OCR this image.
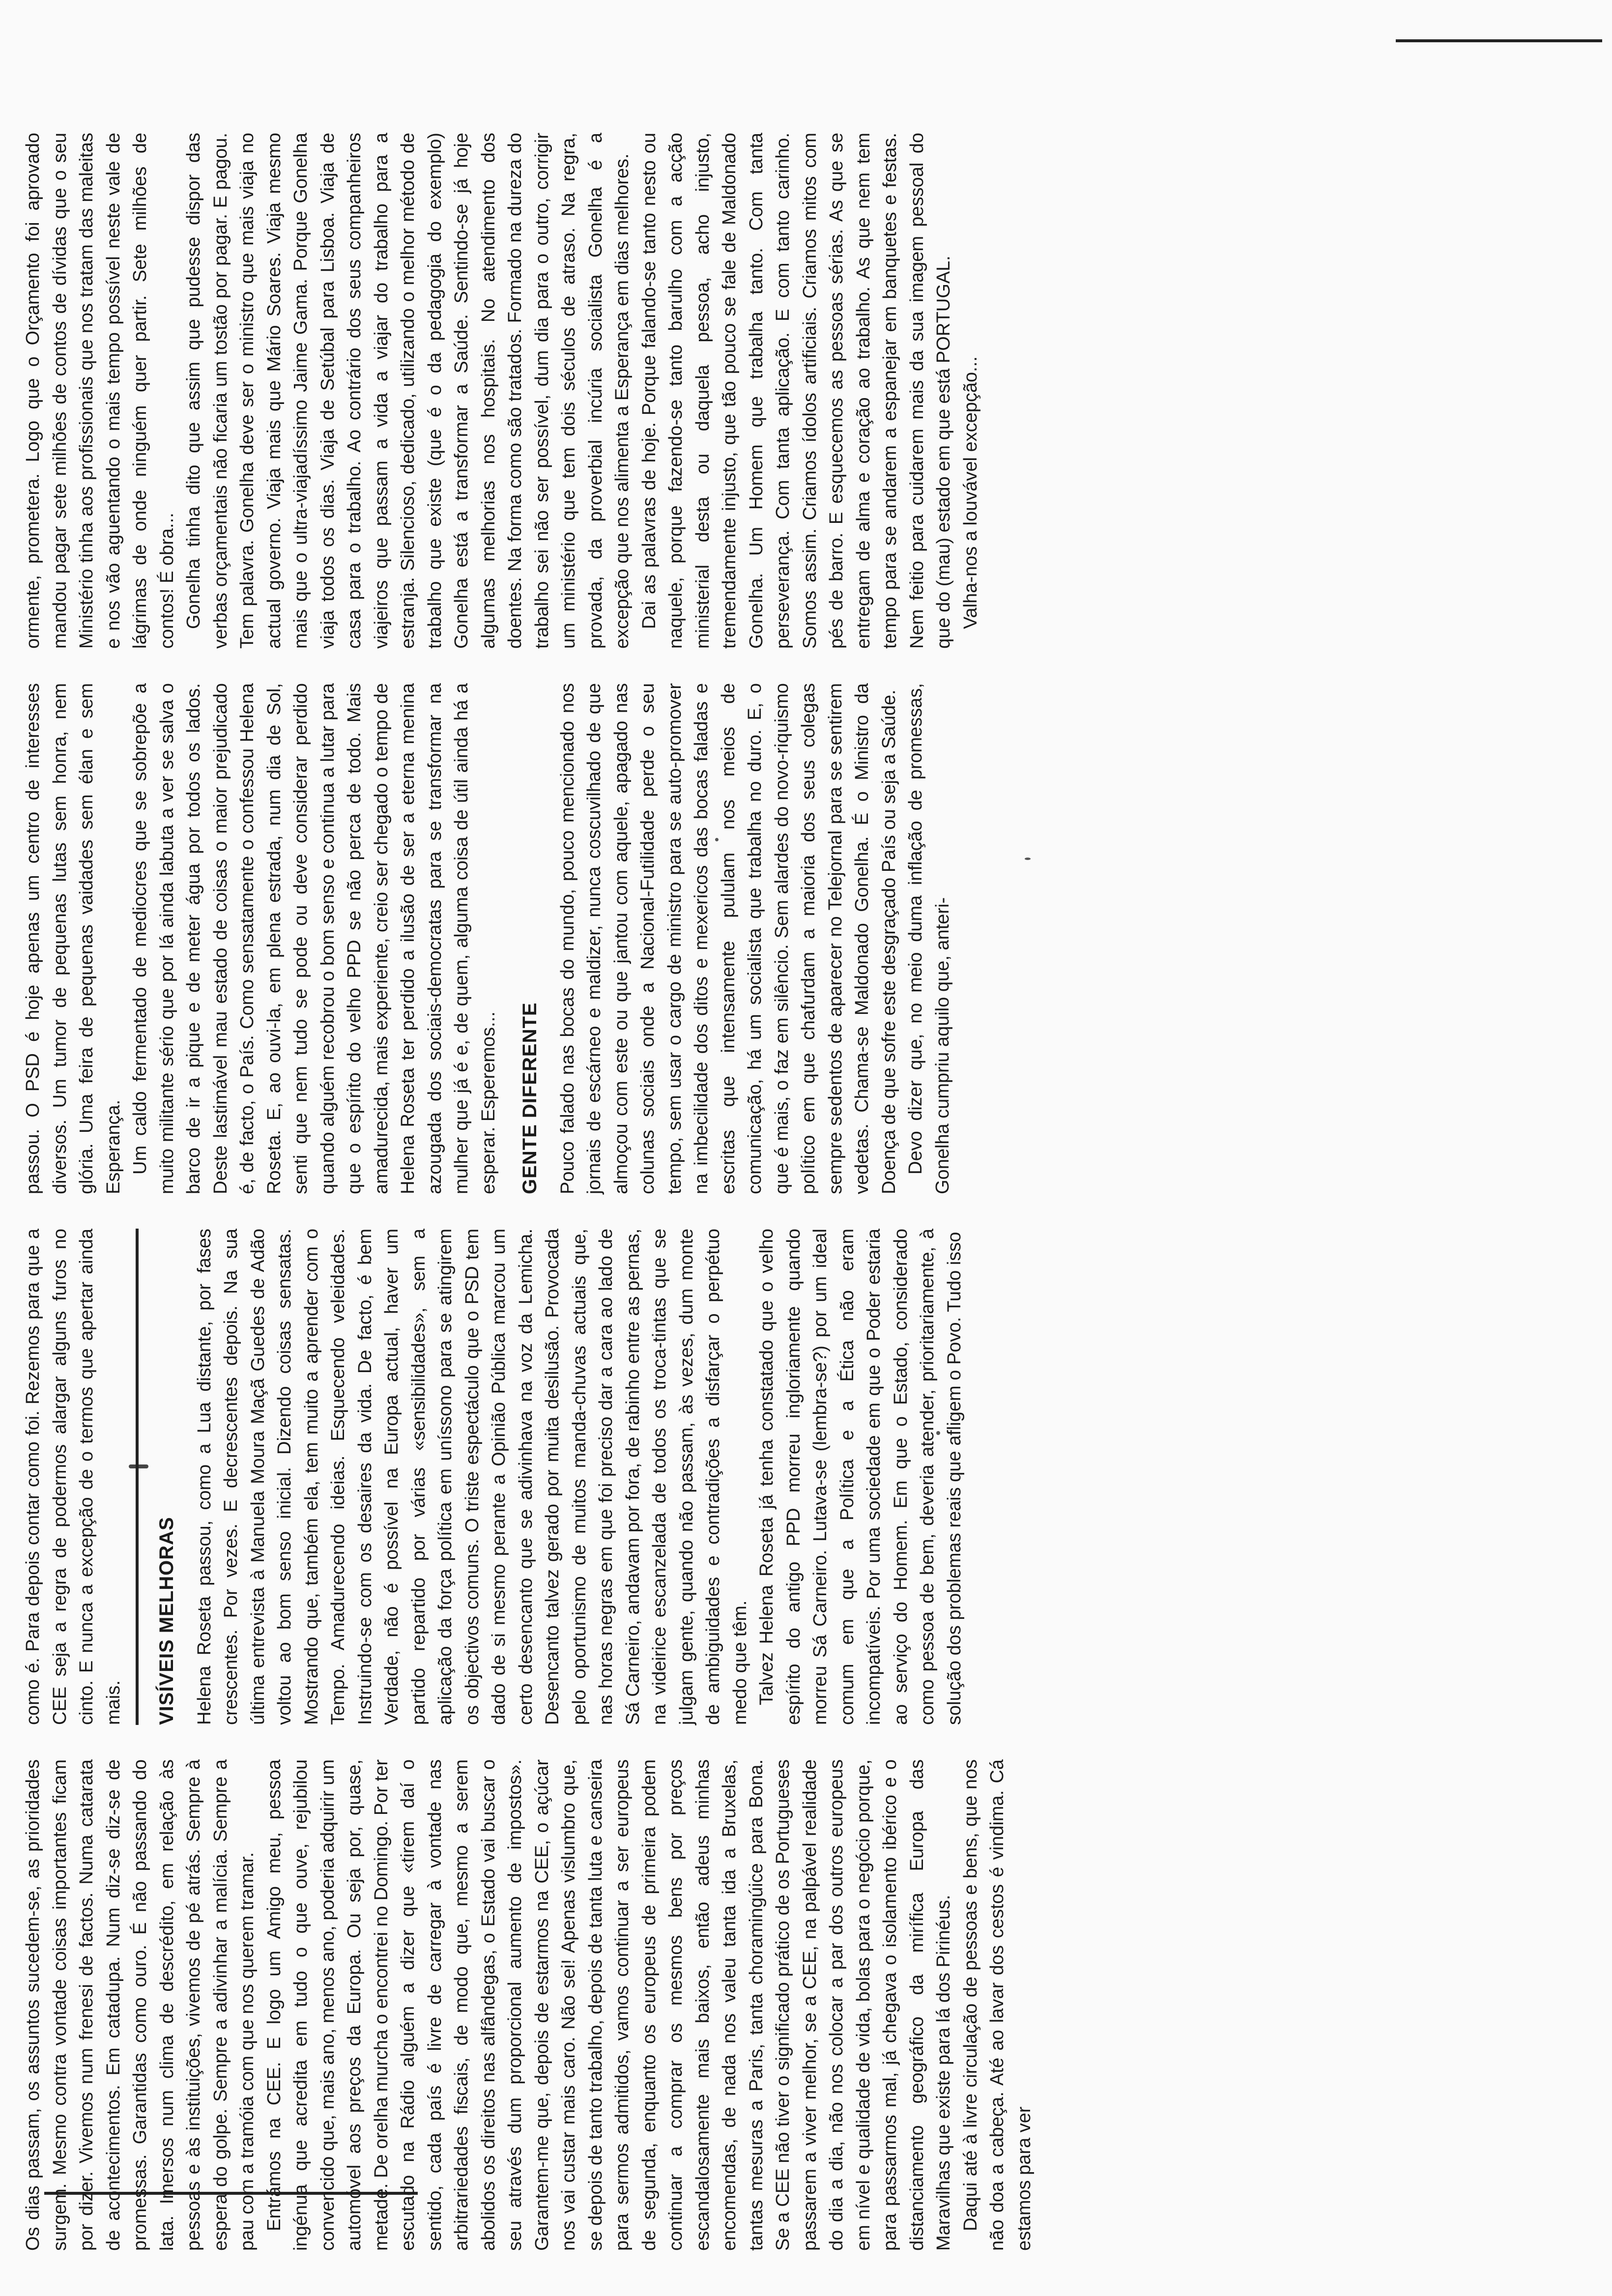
Os dias passam, os assuntos sucedem-se, as prioridades surgem. Mesmo contra vontade coisas importantes ficam por dizer. Vivemos num frenesi de factos. Numa catarata de acontecimentos. Em catadupa. Num diz-se diz-se de promessas. Garantidas como ouro. É não passando do lata. Imersos num clima de descrédito, em relação às pessoas e às instituições, vivemos de pé atrás. Sempre à espera do golpe. Sempre a adivinhar a malícia. Sempre a pau com a tramóia com que nos querem tramar. Entrámos na CEE. E logo um Amigo meu, pessoa ingénua que acredita em tudo o que ouve, rejubilou convencido que, mais ano, menos ano, poderia adquirir um automóvel aos preços da Europa. Ou seja por, quase, metade. De orelha murcha o encontrei no Domingo. Por ter escutado na Rádio alguém a dizer que «tirem daí o sentido, cada país é livre de carregar à vontade nas arbitrariedades fiscais, de modo que, mesmo a serem abolidos os direitos nas alfândegas, o Estado vai buscar o seu através dum proporcional aumento de impostos». Garantem-me que, depois de estarmos na CEE, o açúcar nos vai custar mais caro. Não sei! Apenas vislumbro que, se depois de tanto trabalho, depois de tanta luta e canseira para sermos admitidos, vamos continuar a ser europeus de segunda, enquanto os europeus de primeira podem continuar a comprar os mesmos bens por preços escandalosamente mais baixos, então adeus minhas encomendas, de nada nos valeu tanta ida a Bruxelas, tantas mesuras a Paris, tanta choramingúice para Bona. Se a CEE não tiver o significado prático de os Portugueses passarem a viver melhor, se a CEE, na palpável realidade do dia a dia, não nos colocar a par dos outros europeus em nível e qualidade de vida, bolas para o negócio porque, para passarmos mal, já chegava o isolamento ibérico e o distanciamento geográfico da mirífica Europa das Maravilhas que existe para lá dos Pirinéus. Daqui até à livre circulação de pessoas e bens, que nos não doa a cabeça. Até ao lavar dos cestos é vindima. Cá estamos para ver

como é. Para depois contar como foi. Rezemos para que a CEE seja a regra de podermos alargar alguns furos no cinto. E nunca a excepção de o termos que apertar ainda mais. VISÍVEIS MELHORAS Helena Roseta passou, como a Lua distante, por fases crescentes. Por vezes. E decrescentes depois. Na sua última entrevista à Manuela Moura Maçã Guedes de Adão voltou ao bom senso inicial. Dizendo coisas sensatas. Mostrando que, também ela, tem muito a aprender com o Tempo. Amadurecendo ideias. Esquecendo veleidades. Instruindo-se com os desaires da vida. De facto, é bem Verdade, não é possível na Europa actual, haver um partido repartido por várias «sensibilidades», sem a aplicação da força política em uníssono para se atingirem os objectivos comuns. O triste espectáculo que o PSD tem dado de si mesmo perante a Opinião Pública marcou um certo desencanto que se adivinhava na voz da Lemicha. Desencanto talvez gerado por muita desilusão. Provocada pelo oportunismo de muitos manda-chuvas actuais que, nas horas negras em que foi preciso dar a cara ao lado de Sá Carneiro, andavam por fora, de rabinho entre as pernas, na videirice escanzelada de todos os troca-tintas que se julgam gente, quando não passam, às vezes, dum monte de ambiguidades e contradições a disfarçar o perpétuo medo que têm. Talvez Helena Roseta já tenha constatado que o velho espírito do antigo PPD morreu ingloriamente quando morreu Sá Carneiro. Lutava-se (lembra-se?) por um ideal comum em que a Política e a Ética não eram incompatíveis. Por uma sociedade em que o Poder estaria ao serviço do Homem. Em que o Estado, considerado como pessoa de bem, deveria atender, prioritariamente, à solução dos problemas reais que afligem o Povo. Tudo isso

passou. O PSD é hoje apenas um centro de interesses diversos. Um tumor de pequenas lutas sem honra, nem glória. Uma feira de pequenas vaidades sem élan e sem Esperança. Um caldo fermentado de mediocres que se sobrepõe a muito militante sério que por lá ainda labuta a ver se salva o barco de ir a pique e de meter água por todos os lados. Deste lastimável mau estado de coisas o maior prejudicado é, de facto, o País. Como sensatamente o confessou Helena Roseta. E, ao ouvi-la, em plena estrada, num dia de Sol, senti que nem tudo se pode ou deve considerar perdido quando alguém recobrou o bom senso e continua a lutar para que o espírito do velho PPD se não perca de todo. Mais amadurecida, mais experiente, creio ser chegado o tempo de Helena Roseta ter perdido a ilusão de ser a eterna menina azougada dos sociais-democratas para se transformar na mulher que já é e, de quem, alguma coisa de útil ainda há a esperar. Esperemos... GENTE DIFERENTE Pouco falado nas bocas do mundo, pouco mencionado nos jornais de escárneo e maldizer, nunca coscuvilhado de que almoçou com este ou que jantou com aquele, apagado nas colunas sociais onde a Nacional-Futilidade perde o seu tempo, sem usar o cargo de ministro para se auto-promover na imbecilidade dos ditos e mexericos das bocas faladas e escritas que intensamente pululam nos meios de comunicação, há um socialista que trabalha no duro. E, o que é mais, o faz em silêncio. Sem alardes do novo-riquismo político em que chafurdam a maioria dos seus colegas sempre sedentos de aparecer no Telejornal para se sentirem vedetas. Chama-se Maldonado Gonelha. É o Ministro da Doença de que sofre este desgraçado País ou seja a Saúde. Devo dizer que, no meio duma inflação de promessas, Gonelha cumpriu aquilo que, anteri-

ormente, prometera. Logo que o Orçamento foi aprovado mandou pagar sete milhões de contos de dívidas que o seu Ministério tinha aos profissionais que nos tratam das maleitas e nos vão aguentando o mais tempo possível neste vale de lágrimas de onde ninguém quer partir. Sete milhões de contos! É obra... Gonelha tinha dito que assim que pudesse dispor das verbas orçamentais não ficaria um tostão por pagar. E pagou. Tem palavra. Gonelha deve ser o ministro que mais viaja no actual governo. Viaja mais que Mário Soares. Viaja mesmo mais que o ultra-viajadíssimo Jaime Gama. Porque Gonelha viaja todos os dias. Viaja de Setúbal para Lisboa. Viaja de casa para o trabalho. Ao contrário dos seus companheiros viajeiros que passam a vida a viajar do trabalho para a estranja. Silencioso, dedicado, utilizando o melhor método de trabalho que existe (que é o da pedagogia do exemplo) Gonelha está a transformar a Saúde. Sentindo-se já hoje algumas melhorias nos hospitais. No atendimento dos doentes. Na forma como são tratados. Formado na dureza do trabalho sei não ser possível, dum dia para o outro, corrigir um ministério que tem dois séculos de atraso. Na regra, provada, da proverbial incúria socialista Gonelha é a excepção que nos alimenta a Esperança em dias melhores. Dai as palavras de hoje. Porque falando-se tanto nesto ou naquele, porque fazendo-se tanto barulho com a acção ministerial desta ou daquela pessoa, acho injusto, tremendamente injusto, que tão pouco se fale de Maldonado Gonelha. Um Homem que trabalha tanto. Com tanta perseverança. Com tanta aplicação. E com tanto carinho. Somos assim. Criamos ídolos artificiais. Criamos mitos com pés de barro. E esquecemos as pessoas sérias. As que se entregam de alma e coração ao trabalho. As que nem tem tempo para se andarem a espanejar em banquetes e festas. Nem feitio para cuidarem mais da sua imagem pessoal do que do (mau) estado em que está PORTUGAL. Valha-nos a louvável excepção...
